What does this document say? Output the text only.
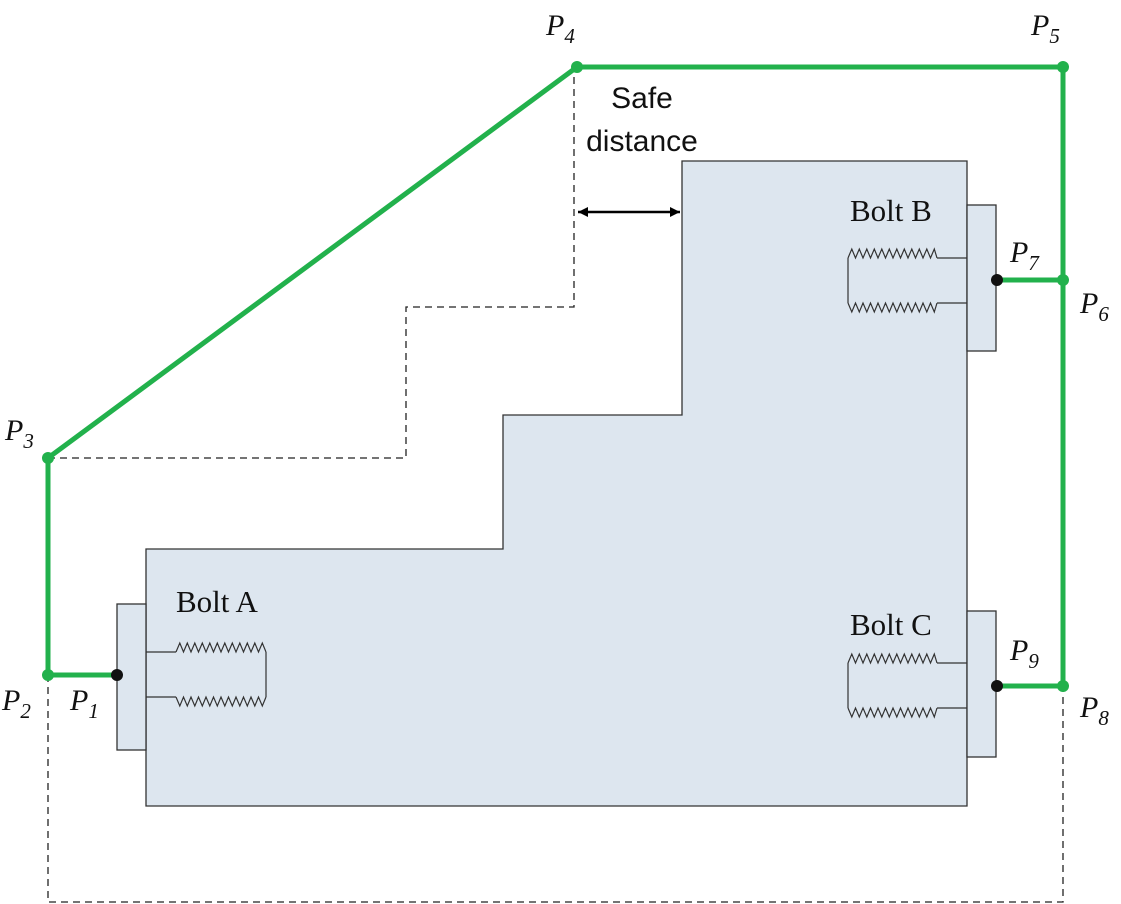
Bolt A
Bolt B
Bolt C
Safe
distance
$P_1$
$P_2$
$P_3$
$P_4$	$P_5$
$P_6$
$P_7$
$P_8$
$P_9$
